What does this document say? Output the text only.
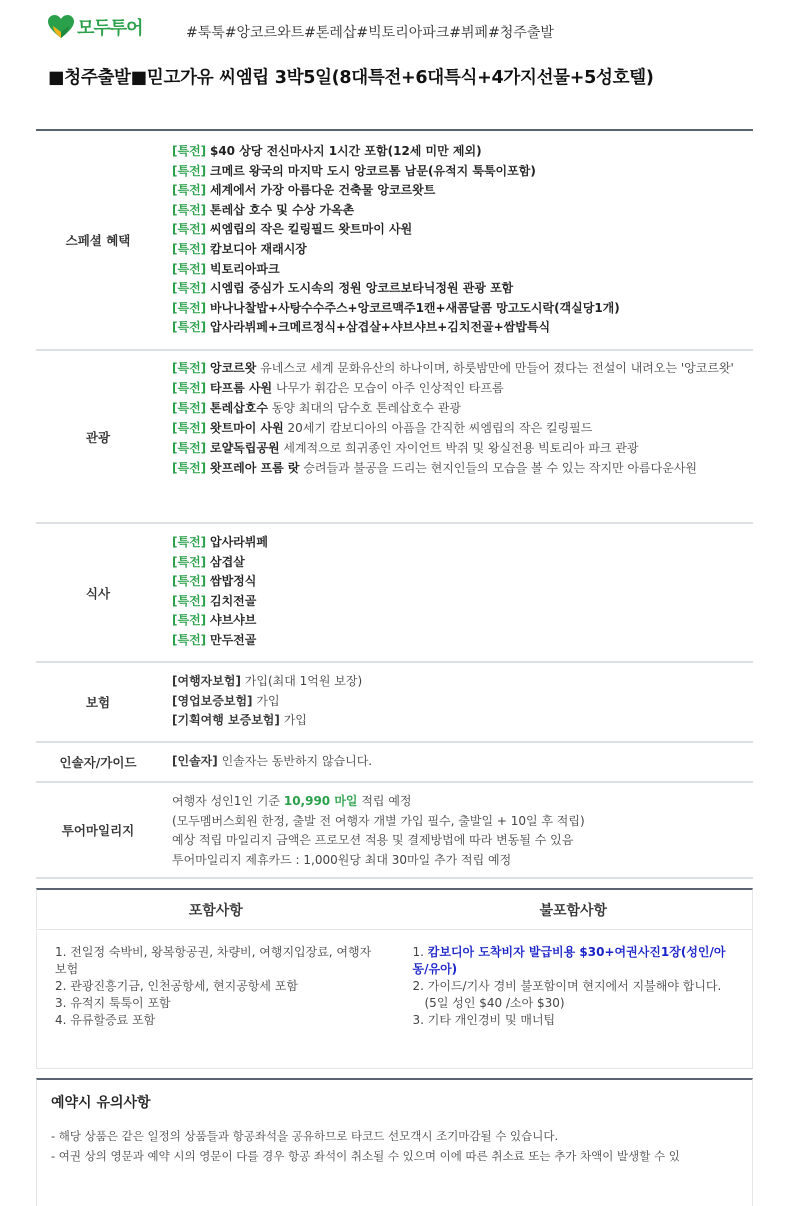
모두투어	#툭툭#앙코르와트#톤레삽#빅토리아파크#뷔페#청주출발
■청주출발■믿고가유 씨엠립 3박5일(8대특전+6대특식+4가지선물+5성호텔)
스페셜 혜택
[특전] $40 상당 전신마사지 1시간 포함(12세 미만 제외)
[특전] 크메르 왕국의 마지막 도시 앙코르톰 남문(유적지 툭툭이포함)
[특전] 세계에서 가장 아름다운 건축물 앙코르왓트
[특전] 톤레삽 호수 및 수상 가옥촌
[특전] 씨엠립의 작은 킬링필드 왓트마이 사원
[특전] 캄보디아 재래시장
[특전] 빅토리아파크
[특전] 시엠립 중심가 도시속의 정원 앙코르보타닉정원 관광 포함
[특전] 바나나찰밥+사탕수수주스+앙코르맥주1캔+새콤달콤 망고도시락(객실당1개)
[특전] 압사라뷔페+크메르정식+삼겹살+샤브샤브+김치전골+쌈밥특식
관광
[특전] 앙코르왓 유네스코 세계 문화유산의 하나이며, 하룻밤만에 만들어 졌다는 전설이 내려오는 '앙코르왓'
[특전] 타프롬 사원 나무가 휘감은 모습이 아주 인상적인 타프롬
[특전] 톤레삽호수 동양 최대의 담수호 톤레삽호수 관광
[특전] 왓트마이 사원 20세기 캄보디아의 아픔을 간직한 씨엠립의 작은 킬링필드
[특전] 로얄독립공원 세계적으로 희귀종인 자이언트 박쥐 및 왕실전용 빅토리아 파크 관광
[특전] 왓프레아 프롬 랏 승려들과 불공을 드리는 현지인들의 모습을 볼 수 있는 작지만 아름다운사원
식사
[특전] 압사라뷔페
[특전] 삼겹살
[특전] 쌈밥정식
[특전] 김치전골
[특전] 샤브샤브
[특전] 만두전골
보험
[여행자보험] 가입(최대 1억원 보장)
[영업보증보험] 가입
[기획여행 보증보험] 가입
인솔자/가이드	[인솔자] 인솔자는 동반하지 않습니다.
투어마일리지
여행자 성인1인 기준 10,990 마일 적립 예정
(모두멤버스회원 한정, 출발 전 여행자 개별 가입 필수, 출발일 + 10일 후 적립)
예상 적립 마일리지 금액은 프로모션 적용 및 결제방법에 따라 변동될 수 있음
투어마일리지 제휴카드 : 1,000원당 최대 30마일 추가 적립 예정
포함사항	불포함사항
1. 전일정 숙박비, 왕복항공권, 차량비, 여행지입장료, 여행자보험
2. 관광진흥기금, 인천공항세, 현지공항세 포함
3. 유적지 툭툭이 포함
4. 유류할증료 포함
1. 캄보디아 도착비자 발급비용 $30+여권사진1장(성인/아동/유아)
2. 가이드/기사 경비 불포함이며 현지에서 지불해야 합니다.
(5일 성인 $40 /소아 $30)
3. 기타 개인경비 및 매너팁
예약시 유의사항
- 해당 상품은 같은 일정의 상품들과 항공좌석을 공유하므로 타코드 선모객시 조기마감될 수 있습니다.
- 여권 상의 영문과 예약 시의 영문이 다를 경우 항공 좌석이 취소될 수 있으며 이에 따른 취소료 또는 추가 차액이 발생할 수 있
